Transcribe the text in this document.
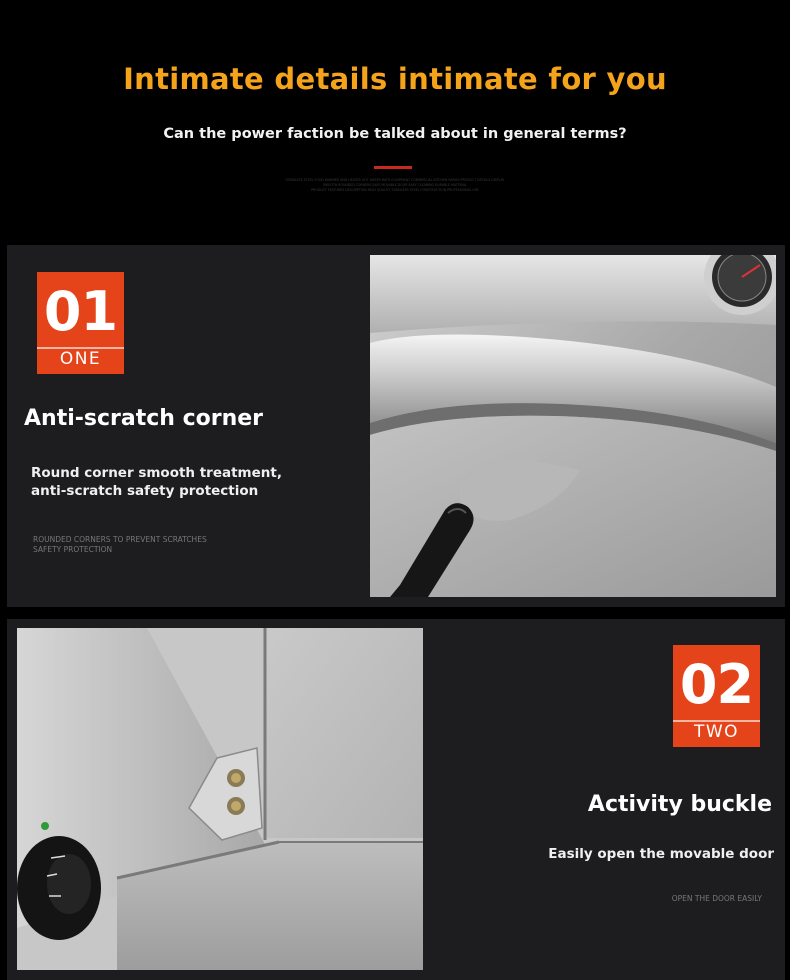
Intimate details intimate for you
Can the power faction be talked about in general terms?
STAINLESS STEEL FOOD WARMER AND HEATER HOT WATER BATH EQUIPMENT COMMERCIAL KITCHEN SERIES PRODUCT DETAILS DISPLAY
SMOOTH ROUNDED CORNERS SAFE MOVABLE DOOR EASY CLEANING DURABLE MATERIAL
PRODUCT FEATURES DESCRIPTION HIGH QUALITY STAINLESS STEEL CONSTRUCTION PROFESSIONAL USE
01
ONE
Anti-scratch corner
Round corner smooth treatment,
anti-scratch safety protection
ROUNDED CORNERS TO PREVENT SCRATCHES
SAFETY PROTECTION
02
TWO
Activity buckle
Easily open the movable door
OPEN THE DOOR EASILY
